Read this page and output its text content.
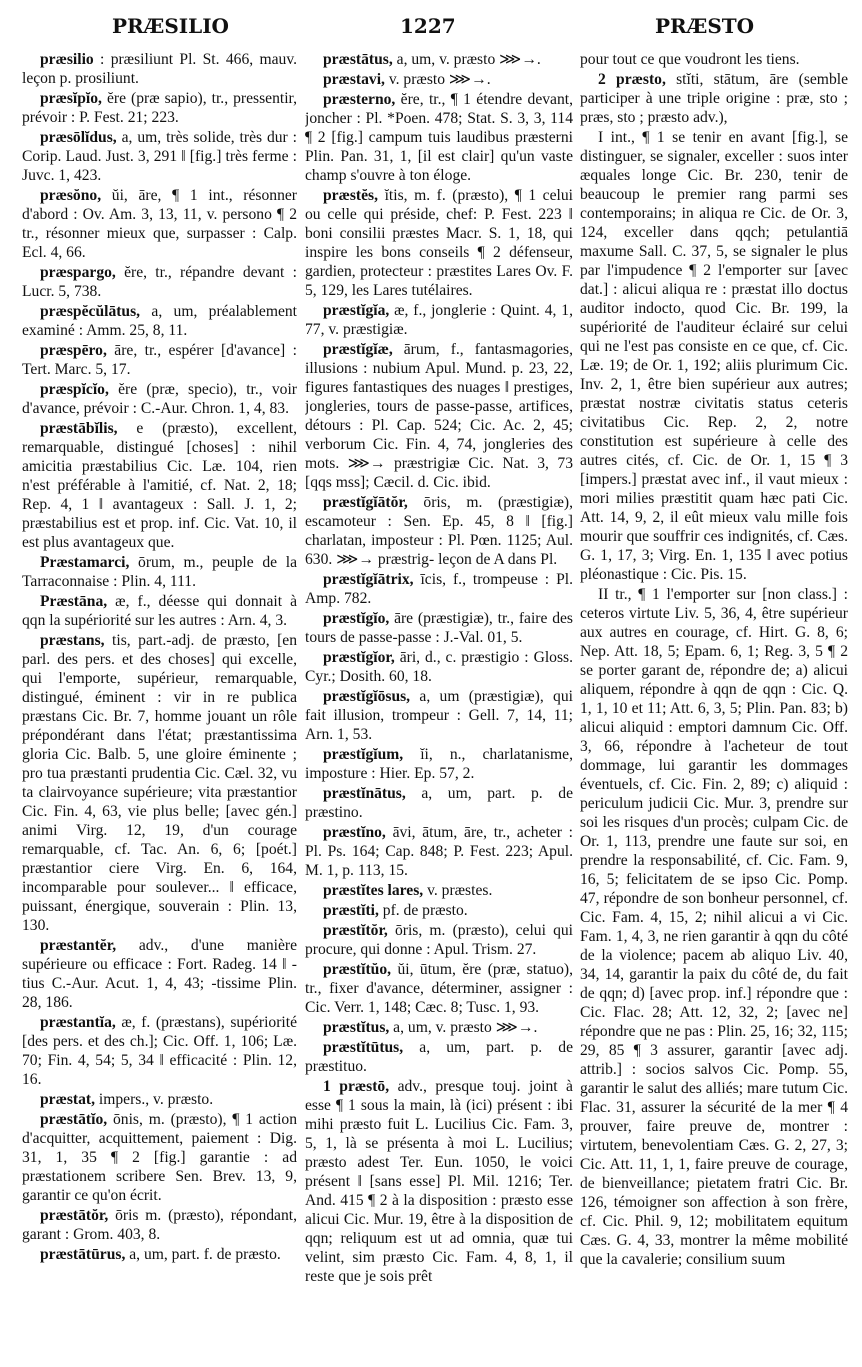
PRÆSILIO	1227	PRÆSTO

præsilio : præsiliunt Pl. St. 466, mauv. leçon p. prosiliunt.

præsĭpĭo, ĕre (præ sapio), tr., pressentir, prévoir : P. Fest. 21; 223.

præsōlĭdus, a, um, très solide, très dur : Corip. Laud. Just. 3, 291 ‖ [fig.] très ferme : Juvc. 1, 423.

præsŏno, ŭi, āre, ¶ 1 int., résonner d'abord : Ov. Am. 3, 13, 11, v. persono ¶ 2 tr., résonner mieux que, surpasser : Calp. Ecl. 4, 66.

præspargo, ĕre, tr., répandre devant : Lucr. 5, 738.

præspĕcŭlātus, a, um, préalablement examiné : Amm. 25, 8, 11.

præspēro, āre, tr., espérer [d'avance] : Tert. Marc. 5, 17.

præspĭcĭo, ĕre (præ, specio), tr., voir d'avance, prévoir : C.-Aur. Chron. 1, 4, 83.

præstābĭlis, e (præsto), excellent, remarquable, distingué [choses] : nihil amicitia præstabilius Cic. Læ. 104, rien n'est préférable à l'amitié, cf. Nat. 2, 18; Rep. 4, 1 ‖ avantageux : Sall. J. 1, 2; præstabilius est et prop. inf. Cic. Vat. 10, il est plus avantageux que.

Præstamarci, ōrum, m., peuple de la Tarraconnaise : Plin. 4, 111.

Præstāna, æ, f., déesse qui donnait à qqn la supériorité sur les autres : Arn. 4, 3.

præstans, tis, part.-adj. de præsto, [en parl. des pers. et des choses] qui excelle, qui l'emporte, supérieur, remarquable, distingué, éminent : vir in re publica præstans Cic. Br. 7, homme jouant un rôle prépondérant dans l'état; præstantissima gloria Cic. Balb. 5, une gloire éminente ; pro tua præstanti prudentia Cic. Cæl. 32, vu ta clairvoyance supérieure; vita præstantior Cic. Fin. 4, 63, vie plus belle; [avec gén.] animi Virg. 12, 19, d'un courage remarquable, cf. Tac. An. 6, 6; [poét.] præstantior ciere Virg. En. 6, 164, incomparable pour soulever... ‖ efficace, puissant, énergique, souverain : Plin. 13, 130.

præstantĕr, adv., d'une manière supérieure ou efficace : Fort. Radeg. 14 ‖ -tius C.-Aur. Acut. 1, 4, 43; -tissime Plin. 28, 186.

præstantĭa, æ, f. (præstans), supériorité [des pers. et des ch.]; Cic. Off. 1, 106; Læ. 70; Fin. 4, 54; 5, 34 ‖ efficacité : Plin. 12, 16.

præstat, impers., v. præsto.

præstātĭo, ōnis, m. (præsto), ¶ 1 action d'acquitter, acquittement, paiement : Dig. 31, 1, 35 ¶ 2 [fig.] garantie : ad præstationem scribere Sen. Brev. 13, 9, garantir ce qu'on écrit.

præstātŏr, ōris m. (præsto), répondant, garant : Grom. 403, 8.

præstātūrus, a, um, part. f. de præsto.

præstātus, a, um, v. præsto ⋙→.

præstavi, v. præsto ⋙→.

præsterno, ĕre, tr., ¶ 1 étendre devant, joncher : Pl. *Poen. 478; Stat. S. 3, 3, 114 ¶ 2 [fig.] campum tuis laudibus præsterni Plin. Pan. 31, 1, [il est clair] qu'un vaste champ s'ouvre à ton éloge.

præstĕs, ĭtis, m. f. (præsto), ¶ 1 celui ou celle qui préside, chef: P. Fest. 223 ‖ boni consilii præstes Macr. S. 1, 18, qui inspire les bons conseils ¶ 2 défenseur, gardien, protecteur : præstites Lares Ov. F. 5, 129, les Lares tutélaires.

præstĭgĭa, æ, f., jonglerie : Quint. 4, 1, 77, v. præstigiæ.

præstĭgĭæ, ārum, f., fantasmagories, illusions : nubium Apul. Mund. p. 23, 22, figures fantastiques des nuages ‖ prestiges, jongleries, tours de passe-passe, artifices, détours : Pl. Cap. 524; Cic. Ac. 2, 45; verborum Cic. Fin. 4, 74, jongleries des mots. ⋙→ præstrigiæ Cic. Nat. 3, 73 [qqs mss]; Cæcil. d. Cic. ibid.

præstĭgĭātŏr, ōris, m. (præstigiæ), escamoteur : Sen. Ep. 45, 8 ‖ [fig.] charlatan, imposteur : Pl. Pœn. 1125; Aul. 630. ⋙→ præstrig- leçon de A dans Pl.

præstĭgĭātrix, īcis, f., trompeuse : Pl. Amp. 782.

præstĭgĭo, āre (præstigiæ), tr., faire des tours de passe-passe : J.-Val. 01, 5.

præstĭgĭor, āri, d., c. præstigio : Gloss. Cyr.; Dosith. 60, 18.

præstĭgĭōsus, a, um (præstigiæ), qui fait illusion, trompeur : Gell. 7, 14, 11; Arn. 1, 53.

præstĭgĭum, ĭi, n., charlatanisme, imposture : Hier. Ep. 57, 2.

præstĭnātus, a, um, part. p. de præstino.

præstĭno, āvi, ātum, āre, tr., acheter : Pl. Ps. 164; Cap. 848; P. Fest. 223; Apul. M. 1, p. 113, 15.

præstĭtes lares, v. præstes.

præstĭti, pf. de præsto.

præstĭtŏr, ōris, m. (præsto), celui qui procure, qui donne : Apul. Trism. 27.

præstĭtŭo, ŭi, ūtum, ĕre (præ, statuo), tr., fixer d'avance, déterminer, assigner : Cic. Verr. 1, 148; Cæc. 8; Tusc. 1, 93.

præstĭtus, a, um, v. præsto ⋙→.

præstĭtūtus, a, um, part. p. de præstituo.

1 præstō, adv., presque touj. joint à esse ¶ 1 sous la main, là (ici) présent : ibi mihi præsto fuit L. Lucilius Cic. Fam. 3, 5, 1, là se présenta à moi L. Lucilius; præsto adest Ter. Eun. 1050, le voici présent ‖ [sans esse] Pl. Mil. 1216; Ter. And. 415 ¶ 2 à la disposition : præsto esse alicui Cic. Mur. 19, être à la disposition de qqn; reliquum est ut ad omnia, quæ tui velint, sim præsto Cic. Fam. 4, 8, 1, il reste que je sois prêt

pour tout ce que voudront les tiens.

2 præsto, stĭti, stātum, āre (semble participer à une triple origine : præ, sto ; præs, sto ; præsto adv.),

I int., ¶ 1 se tenir en avant [fig.], se distinguer, se signaler, exceller : suos inter æquales longe Cic. Br. 230, tenir de beaucoup le premier rang parmi ses contemporains; in aliqua re Cic. de Or. 3, 124, exceller dans qqch; petulantiā maxume Sall. C. 37, 5, se signaler le plus par l'impudence ¶ 2 l'emporter sur [avec dat.] : alicui aliqua re : præstat illo doctus auditor indocto, quod Cic. Br. 199, la supériorité de l'auditeur éclairé sur celui qui ne l'est pas consiste en ce que, cf. Cic. Læ. 19; de Or. 1, 192; aliis plurimum Cic. Inv. 2, 1, être bien supérieur aux autres; præstat nostræ civitatis status ceteris civitatibus Cic. Rep. 2, 2, notre constitution est supérieure à celle des autres cités, cf. Cic. de Or. 1, 15 ¶ 3 [impers.] præstat avec inf., il vaut mieux : mori milies præstitit quam hæc pati Cic. Att. 14, 9, 2, il eût mieux valu mille fois mourir que souffrir ces indignités, cf. Cæs. G. 1, 17, 3; Virg. En. 1, 135 ‖ avec potius pléonastique : Cic. Pis. 15.

II tr., ¶ 1 l'emporter sur [non class.] : ceteros virtute Liv. 5, 36, 4, être supérieur aux autres en courage, cf. Hirt. G. 8, 6; Nep. Att. 18, 5; Epam. 6, 1; Reg. 3, 5 ¶ 2 se porter garant de, répondre de; a) alicui aliquem, répondre à qqn de qqn : Cic. Q. 1, 1, 10 et 11; Att. 6, 3, 5; Plin. Pan. 83; b) alicui aliquid : emptori damnum Cic. Off. 3, 66, répondre à l'acheteur de tout dommage, lui garantir les dommages éventuels, cf. Cic. Fin. 2, 89; c) aliquid : periculum judicii Cic. Mur. 3, prendre sur soi les risques d'un procès; culpam Cic. de Or. 1, 113, prendre une faute sur soi, en prendre la responsabilité, cf. Cic. Fam. 9, 16, 5; felicitatem de se ipso Cic. Pomp. 47, répondre de son bonheur personnel, cf. Cic. Fam. 4, 15, 2; nihil alicui a vi Cic. Fam. 1, 4, 3, ne rien garantir à qqn du côté de la violence; pacem ab aliquo Liv. 40, 34, 14, garantir la paix du côté de, du fait de qqn; d) [avec prop. inf.] répondre que : Cic. Flac. 28; Att. 12, 32, 2; [avec ne] répondre que ne pas : Plin. 25, 16; 32, 115; 29, 85 ¶ 3 assurer, garantir [avec adj. attrib.] : socios salvos Cic. Pomp. 55, garantir le salut des alliés; mare tutum Cic. Flac. 31, assurer la sécurité de la mer ¶ 4 prouver, faire preuve de, montrer : virtutem, benevolentiam Cæs. G. 2, 27, 3; Cic. Att. 11, 1, 1, faire preuve de courage, de bienveillance; pietatem fratri Cic. Br. 126, témoigner son affection à son frère, cf. Cic. Phil. 9, 12; mobilitatem equitum Cæs. G. 4, 33, montrer la même mobilité que la cavalerie; consilium suum
